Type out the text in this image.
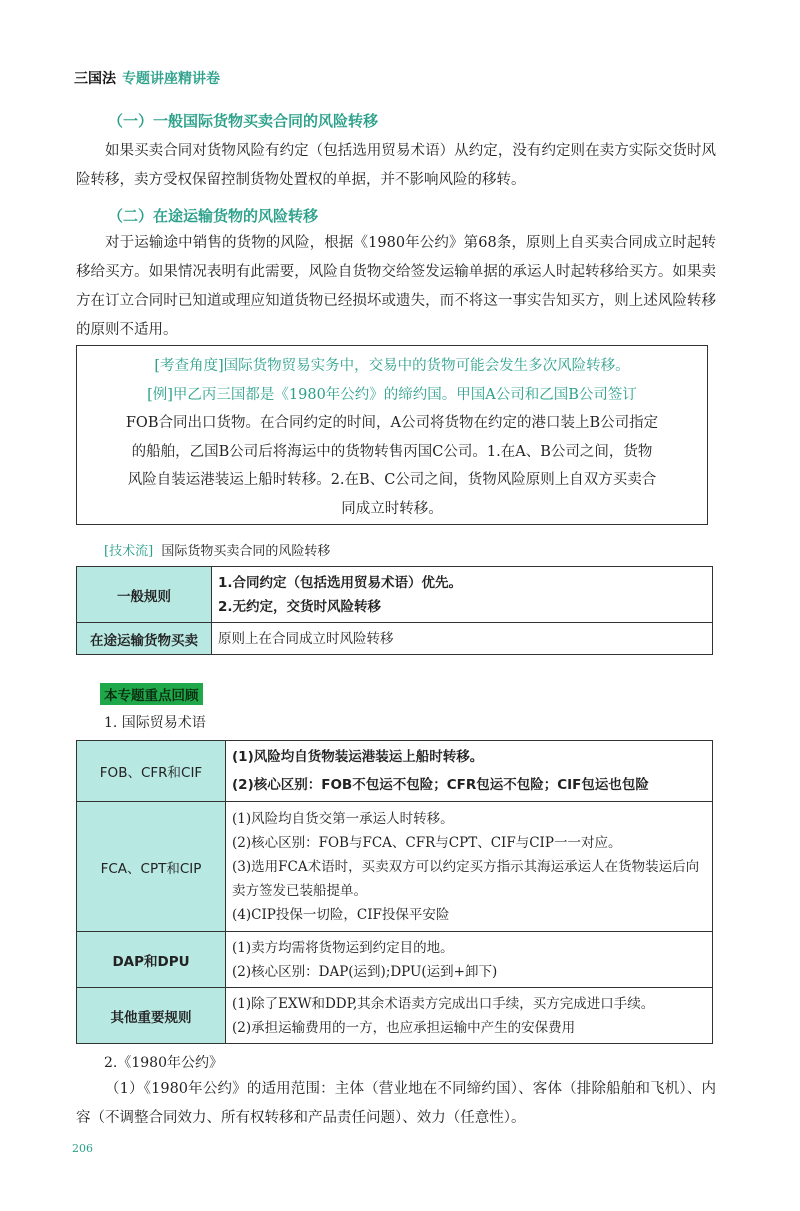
三国法 专题讲座精讲卷
（一）一般国际货物买卖合同的风险转移

如果买卖合同对货物风险有约定（包括选用贸易术语）从约定，没有约定则在卖方实际交货时风险转移，卖方受权保留控制货物处置权的单据，并不影响风险的移转。

（二）在途运输货物的风险转移

对于运输途中销售的货物的风险，根据《1980年公约》第68条，原则上自买卖合同成立时起转移给买方。如果情况表明有此需要，风险自货物交给签发运输单据的承运人时起转移给买方。如果卖方在订立合同时已知道或理应知道货物已经损坏或遗失，而不将这一事实告知买方，则上述风险转移的原则不适用。

[考查角度]国际货物贸易实务中，交易中的货物可能会发生多次风险转移。

[例]甲乙丙三国都是《1980年公约》的缔约国。甲国A公司和乙国B公司签订

FOB合同出口货物。在合同约定的时间，A公司将货物在约定的港口装上B公司指定

的船舶，乙国B公司后将海运中的货物转售丙国C公司。1.在A、B公司之间，货物

风险自装运港装运上船时转移。2.在B、C公司之间，货物风险原则上自双方买卖合

同成立时转移。

[技术流] 国际货物买卖合同的风险转移
一般规则	1.合同约定（包括选用贸易术语）优先。
2.无约定，交货时风险转移

在途运输货物买卖	原则上在合同成立时风险转移
本专题重点回顾
1. 国际贸易术语
FOB、CFR和CIF	(1)风险均自货物装运港装运上船时转移。
(2)核心区别：FOB不包运不包险；CFR包运不包险；CIF包运也包险

FCA、CPT和CIP	(1)风险均自货交第一承运人时转移。
(2)核心区别：FOB与FCA、CFR与CPT、CIF与CIP一一对应。
(3)选用FCA术语时，买卖双方可以约定买方指示其海运承运人在货物装运后向卖方签发已装船提单。
(4)CIP投保一切险，CIF投保平安险

DAP和DPU	(1)卖方均需将货物运到约定目的地。
(2)核心区别：DAP(运到);DPU(运到+卸下)

其他重要规则	(1)除了EXW和DDP,其余术语卖方完成出口手续，买方完成进口手续。
(2)承担运输费用的一方，也应承担运输中产生的安保费用
2.《1980年公约》

（1）《1980年公约》的适用范围：主体（营业地在不同缔约国）、客体（排除船舶和飞机）、内容（不调整合同效力、所有权转移和产品责任问题）、效力（任意性）。

206
